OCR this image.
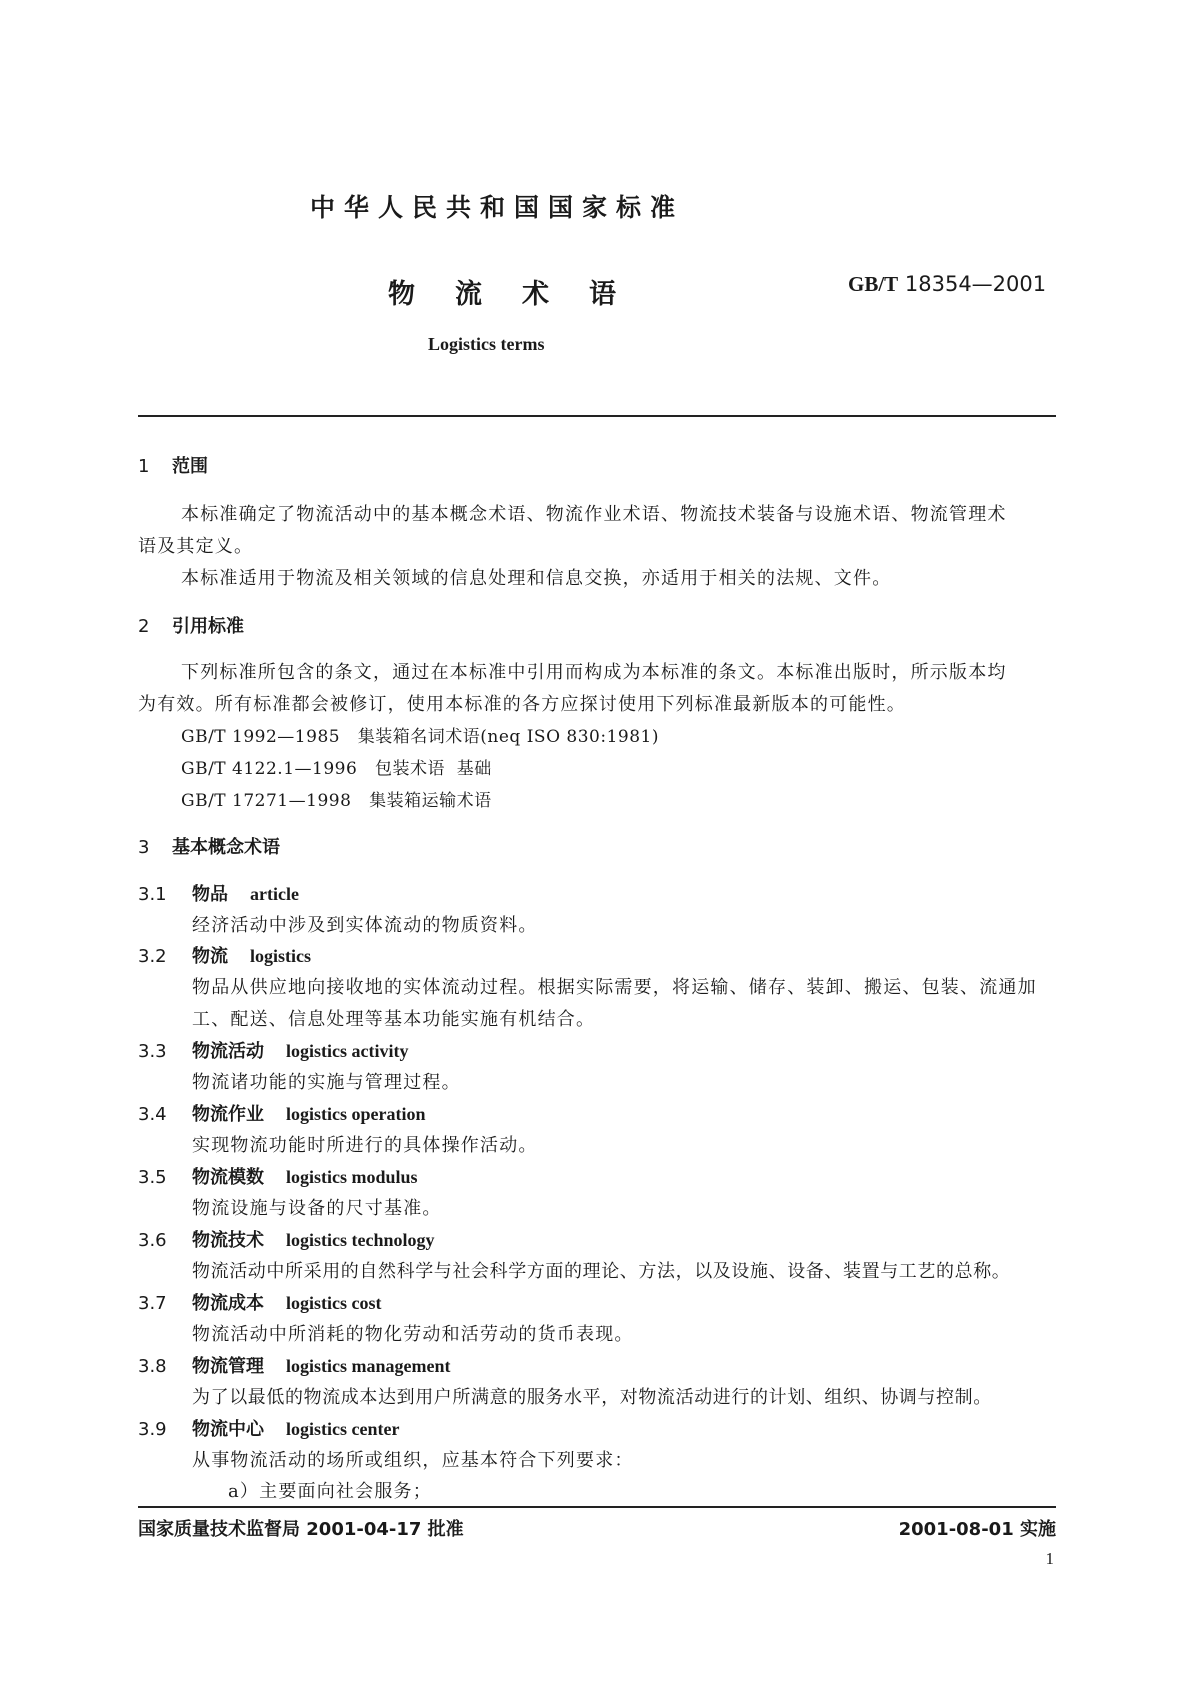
中华人民共和国国家标准
物流术语	GB/T 18354—2001
Logistics terms
1 范围
本标准确定了物流活动中的基本概念术语、物流作业术语、物流技术装备与设施术语、物流管理术
语及其定义。
本标准适用于物流及相关领域的信息处理和信息交换，亦适用于相关的法规、文件。
2 引用标准
下列标准所包含的条文，通过在本标准中引用而构成为本标准的条文。本标准出版时，所示版本均
为有效。所有标准都会被修订，使用本标准的各方应探讨使用下列标准最新版本的可能性。
GB/T 1992—1985   集装箱名词术语(neq ISO 830:1981)
GB/T 4122.1—1996   包装术语  基础
GB/T 17271—1998   集装箱运输术语
3 基本概念术语
3.1 物品 article
经济活动中涉及到实体流动的物质资料。
3.2 物流 logistics
物品从供应地向接收地的实体流动过程。根据实际需要，将运输、储存、装卸、搬运、包装、流通加
工、配送、信息处理等基本功能实施有机结合。
3.3 物流活动 logistics activity
物流诸功能的实施与管理过程。
3.4 物流作业 logistics operation
实现物流功能时所进行的具体操作活动。
3.5 物流模数 logistics modulus
物流设施与设备的尺寸基准。
3.6 物流技术 logistics technology
物流活动中所采用的自然科学与社会科学方面的理论、方法，以及设施、设备、装置与工艺的总称。
3.7 物流成本 logistics cost
物流活动中所消耗的物化劳动和活劳动的货币表现。
3.8 物流管理 logistics management
为了以最低的物流成本达到用户所满意的服务水平，对物流活动进行的计划、组织、协调与控制。
3.9 物流中心 logistics center
从事物流活动的场所或组织，应基本符合下列要求：
a）主要面向社会服务；
国家质量技术监督局 2001-04-17 批准	2001-08-01 实施
1
